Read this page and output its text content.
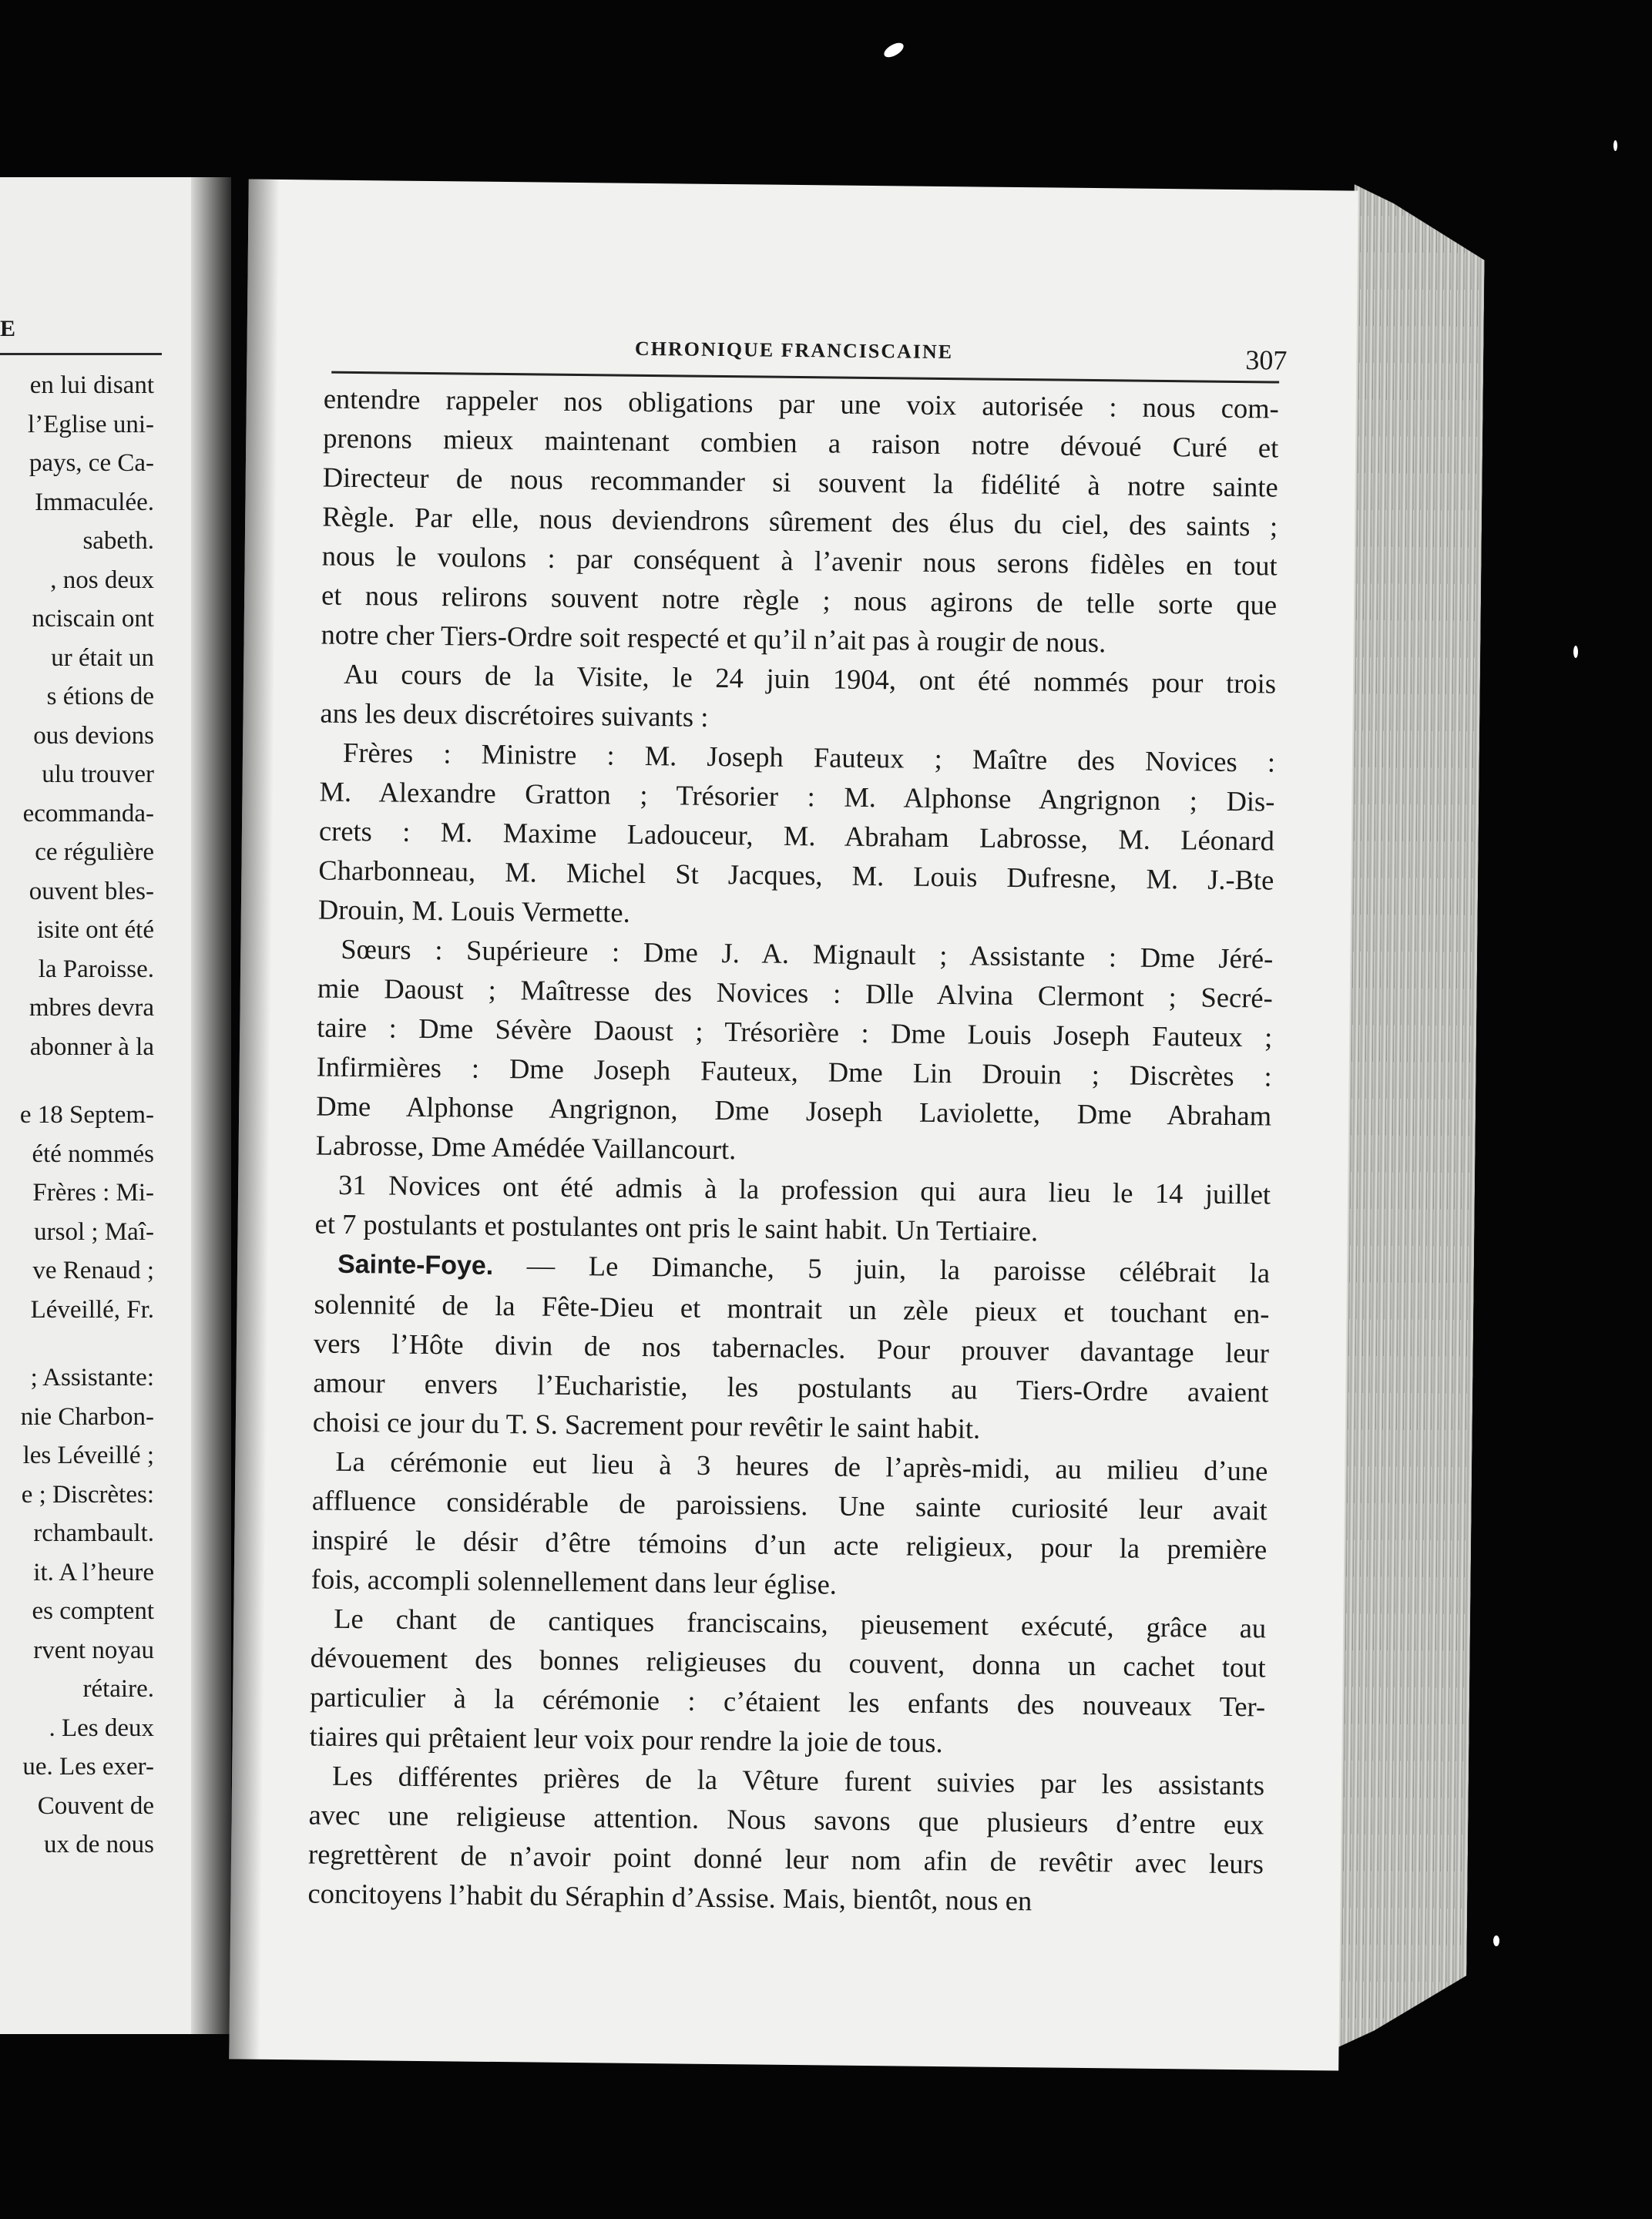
E
en lui disant
l’Eglise uni-
pays, ce Ca-
Immaculée.
sabeth.
, nos deux
nciscain ont
ur était un
s étions de
ous devions
ulu trouver
ecommanda-
ce régulière
ouvent bles-
isite ont été
la Paroisse.
mbres devra
abonner à la
e 18 Septem-
été nommés
Frères : Mi-
ursol ; Maî-
ve Renaud ;
Léveillé, Fr.
; Assistante:
nie Charbon-
les Léveillé ;
e ; Discrètes:
rchambault.
it. A l’heure
es comptent
rvent noyau
rétaire.
. Les deux
ue. Les exer-
Couvent de
ux de nous
CHRONIQUE FRANCISCAINE	307
entendre rappeler nos obligations par une voix autorisée : nous com-
prenons mieux maintenant combien a raison notre dévoué Curé et
Directeur de nous recommander si souvent la fidélité à notre sainte
Règle. Par elle, nous deviendrons sûrement des élus du ciel, des saints ;
nous le voulons : par conséquent à l’avenir nous serons fidèles en tout
et nous relirons souvent notre règle ; nous agirons de telle sorte que
notre cher Tiers-Ordre soit respecté et qu’il n’ait pas à rougir de nous.
Au cours de la Visite, le 24 juin 1904, ont été nommés pour trois
ans les deux discrétoires suivants :
Frères : Ministre : M. Joseph Fauteux ; Maître des Novices :
M. Alexandre Gratton ; Trésorier : M. Alphonse Angrignon ; Dis-
crets : M. Maxime Ladouceur, M. Abraham Labrosse, M. Léonard
Charbonneau, M. Michel St Jacques, M. Louis Dufresne, M. J.-Bte
Drouin, M. Louis Vermette.
Sœurs : Supérieure : Dme J. A. Mignault ; Assistante : Dme Jéré-
mie Daoust ; Maîtresse des Novices : Dlle Alvina Clermont ; Secré-
taire : Dme Sévère Daoust ; Trésorière : Dme Louis Joseph Fauteux ;
Infirmières : Dme Joseph Fauteux, Dme Lin Drouin ; Discrètes :
Dme Alphonse Angrignon, Dme Joseph Laviolette, Dme Abraham
Labrosse, Dme Amédée Vaillancourt.
31 Novices ont été admis à la profession qui aura lieu le 14 juillet
et 7 postulants et postulantes ont pris le saint habit. Un Tertiaire.
Sainte-Foye. — Le Dimanche, 5 juin, la paroisse célébrait la
solennité de la Fête-Dieu et montrait un zèle pieux et touchant en-
vers l’Hôte divin de nos tabernacles. Pour prouver davantage leur
amour envers l’Eucharistie, les postulants au Tiers-Ordre avaient
choisi ce jour du T. S. Sacrement pour revêtir le saint habit.
La cérémonie eut lieu à 3 heures de l’après-midi, au milieu d’une
affluence considérable de paroissiens. Une sainte curiosité leur avait
inspiré le désir d’être témoins d’un acte religieux, pour la première
fois, accompli solennellement dans leur église.
Le chant de cantiques franciscains, pieusement exécuté, grâce au
dévouement des bonnes religieuses du couvent, donna un cachet tout
particulier à la cérémonie : c’étaient les enfants des nouveaux Ter-
tiaires qui prêtaient leur voix pour rendre la joie de tous.
Les différentes prières de la Vêture furent suivies par les assistants
avec une religieuse attention. Nous savons que plusieurs d’entre eux
regrettèrent de n’avoir point donné leur nom afin de revêtir avec leurs
concitoyens l’habit du Séraphin d’Assise. Mais, bientôt, nous en
